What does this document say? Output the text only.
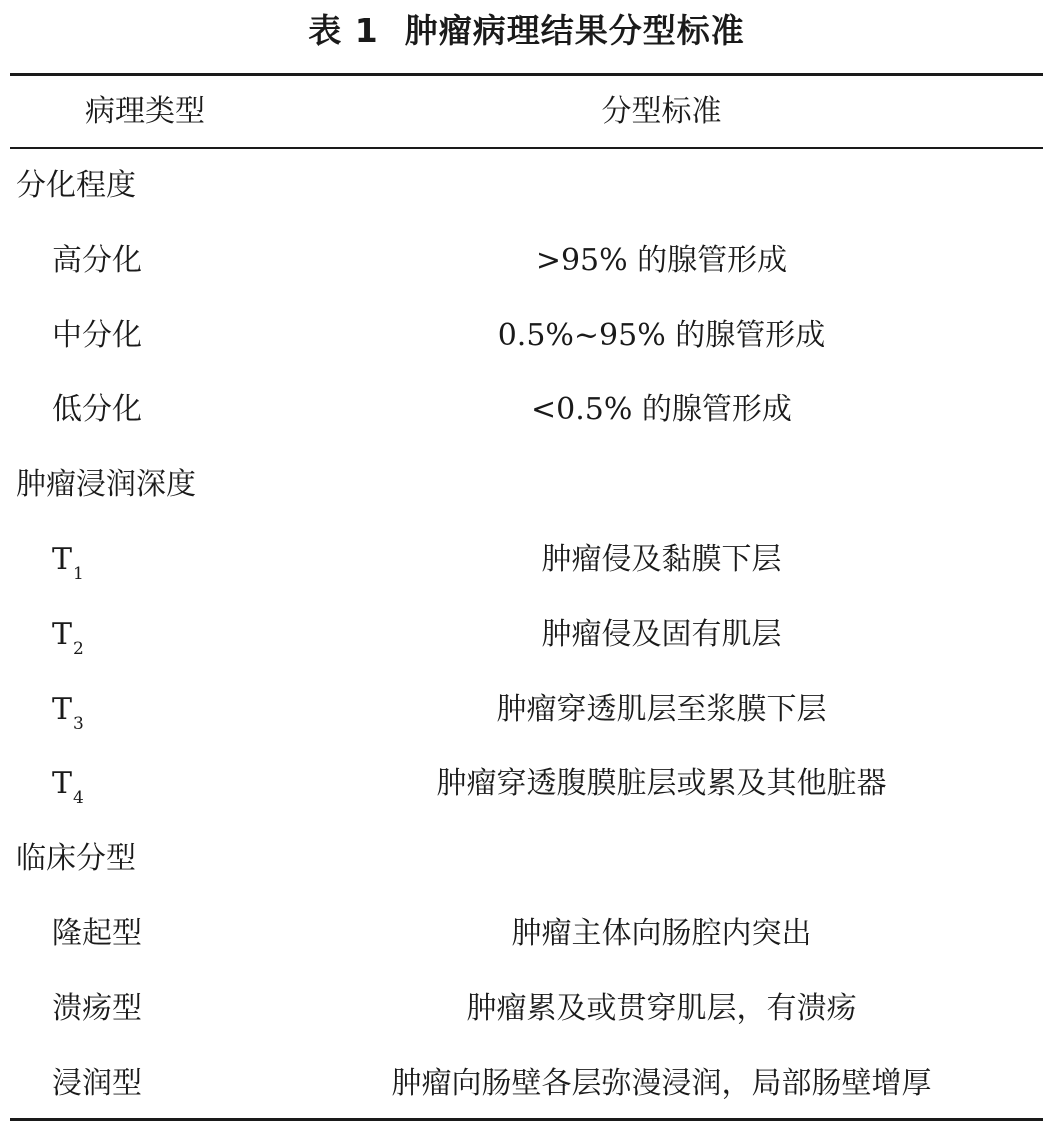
表 1 肿瘤病理结果分型标准
病理类型	分型标准
分化程度
高分化	>95% 的腺管形成
中分化	0.5%~95% 的腺管形成
低分化	<0.5% 的腺管形成
肿瘤浸润深度
$T_1$	肿瘤侵及黏膜下层
$T_2$	肿瘤侵及固有肌层
$T_3$	肿瘤穿透肌层至浆膜下层
$T_4$	肿瘤穿透腹膜脏层或累及其他脏器
临床分型
隆起型	肿瘤主体向肠腔内突出
溃疡型	肿瘤累及或贯穿肌层，有溃疡
浸润型	肿瘤向肠壁各层弥漫浸润，局部肠壁增厚
